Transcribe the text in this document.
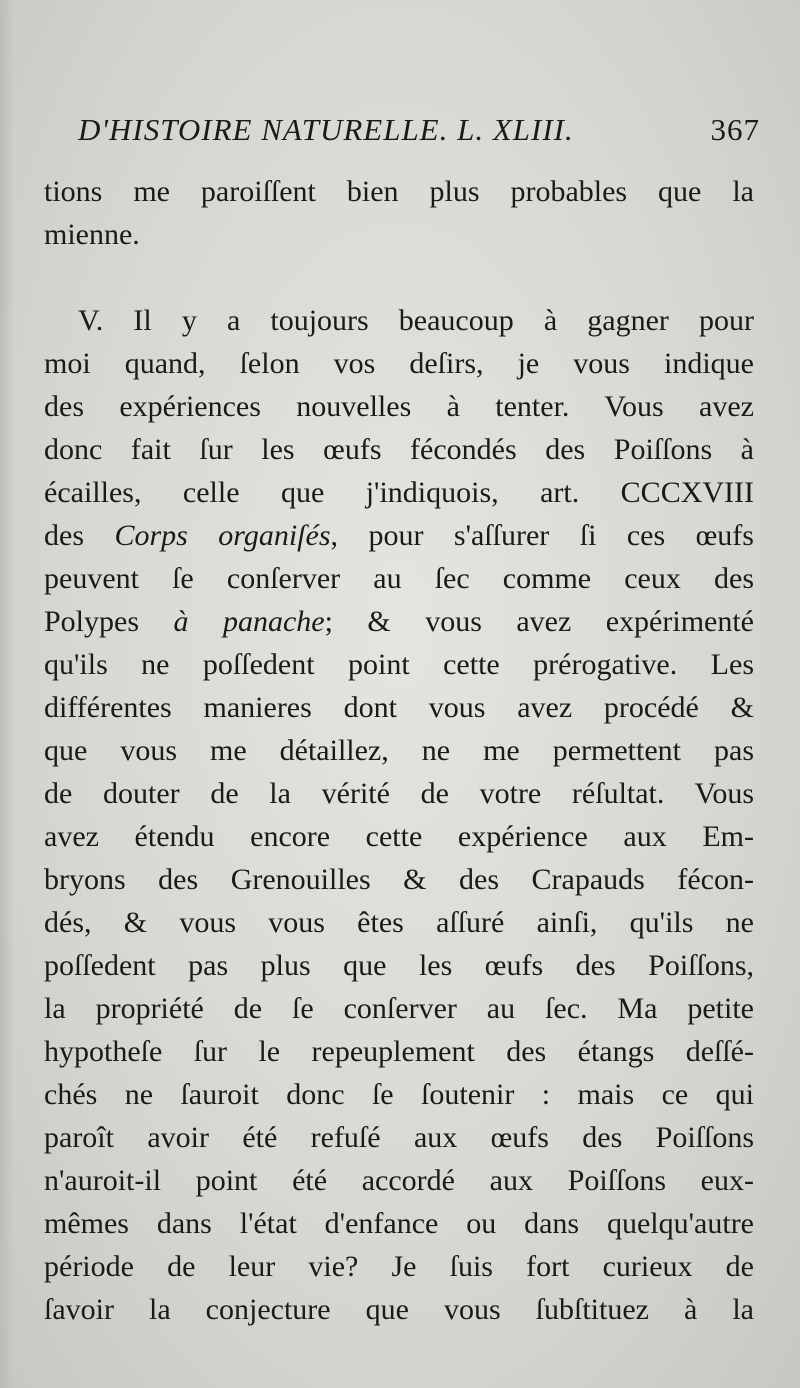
D'HISTOIRE NATURELLE. L. XLIII.	367
tions me paroiſſent bien plus probables que la
mienne.
V. Il y a toujours beaucoup à gagner pour
moi quand, ſelon vos deſirs, je vous indique
des expériences nouvelles à tenter. Vous avez
donc fait ſur les œufs fécondés des Poiſſons à
écailles, celle que j'indiquois, art. CCCXVIII
des Corps organiſés, pour s'aſſurer ſi ces œufs
peuvent ſe conſerver au ſec comme ceux des
Polypes à panache; & vous avez expérimenté
qu'ils ne poſſedent point cette prérogative. Les
différentes manieres dont vous avez procédé &
que vous me détaillez, ne me permettent pas
de douter de la vérité de votre réſultat. Vous
avez étendu encore cette expérience aux Em-
bryons des Grenouilles & des Crapauds fécon-
dés, & vous vous êtes aſſuré ainſi, qu'ils ne
poſſedent pas plus que les œufs des Poiſſons,
la propriété de ſe conſerver au ſec. Ma petite
hypotheſe ſur le repeuplement des étangs deſſé-
chés ne ſauroit donc ſe ſoutenir : mais ce qui
paroît avoir été refuſé aux œufs des Poiſſons
n'auroit-il point été accordé aux Poiſſons eux-
mêmes dans l'état d'enfance ou dans quelqu'autre
période de leur vie? Je ſuis fort curieux de
ſavoir la conjecture que vous ſubſtituez à la
